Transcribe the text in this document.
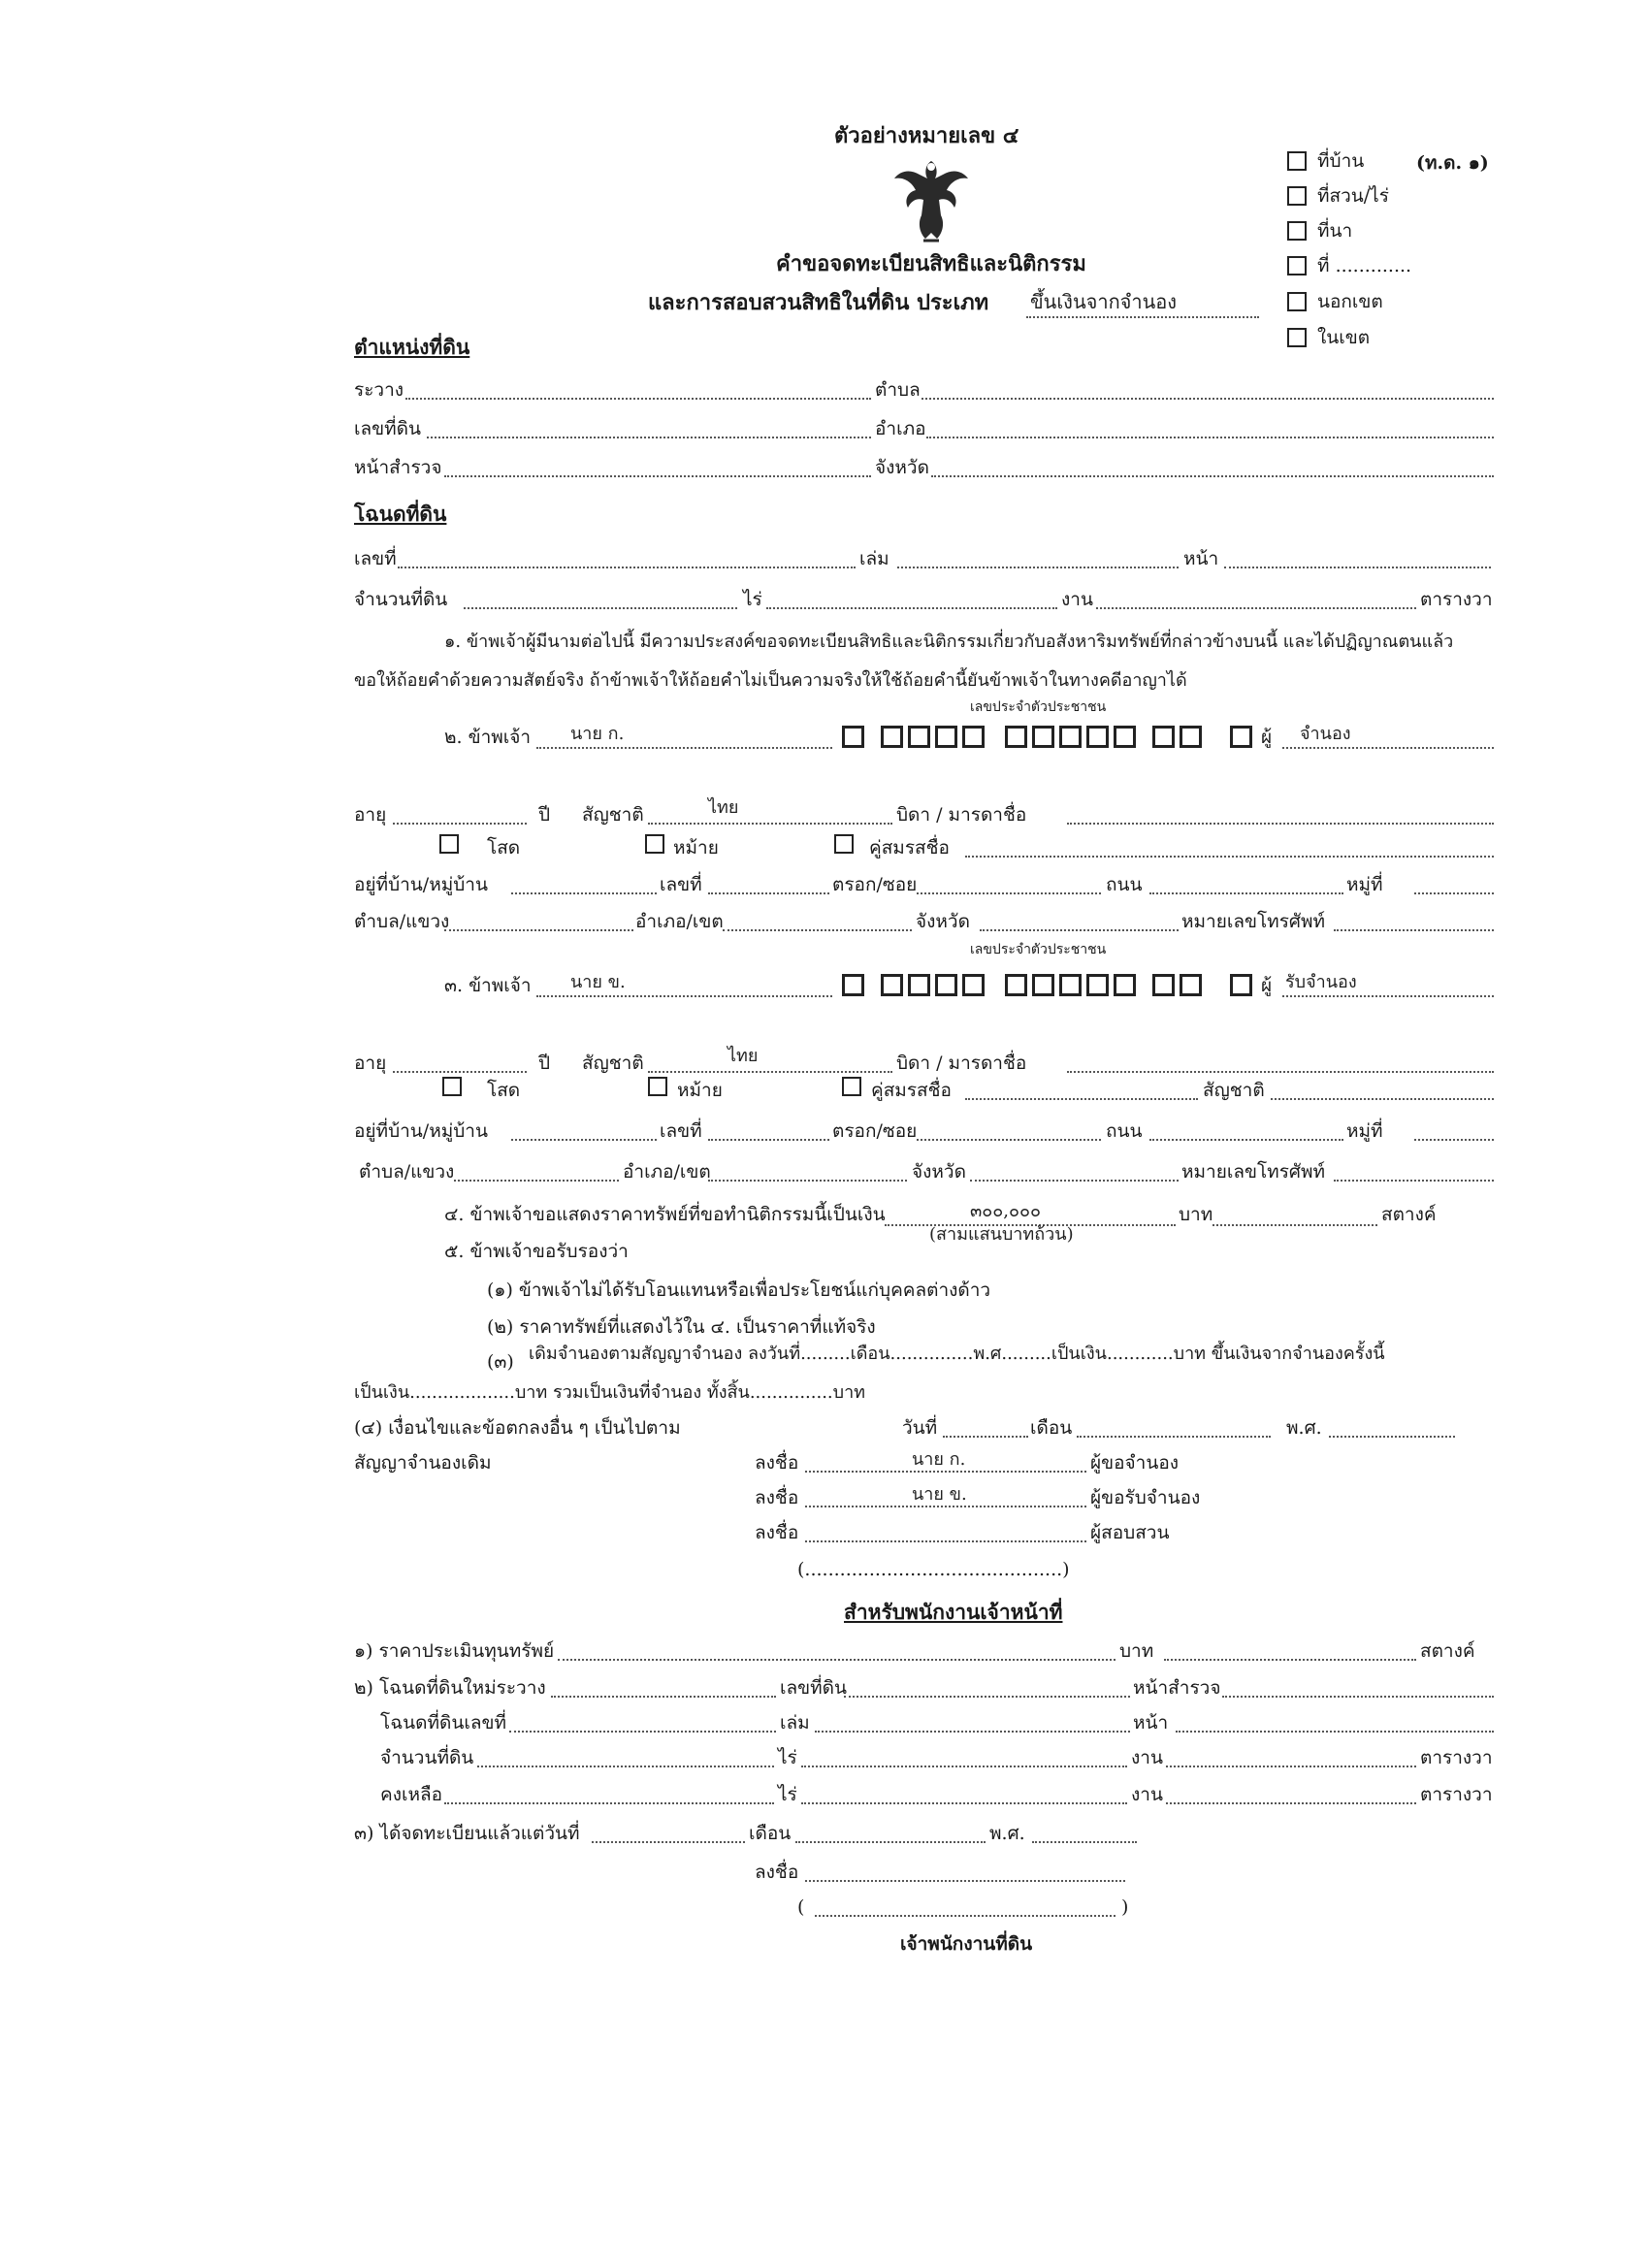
ตัวอย่างหมายเลข ๔
คำขอจดทะเบียนสิทธิและนิติกรรม
และการสอบสวนสิทธิในที่ดิน ประเภท ขึ้นเงินจากจำนอง
(ท.ด. ๑)
ที่บ้าน
ที่สวน/ไร่
ที่นา
ที่ .............
นอกเขต
ในเขต
ตำแหน่งที่ดิน
ระวาง	ตำบล
เลขที่ดิน	อำเภอ
หน้าสำรวจ	จังหวัด
โฉนดที่ดิน
เลขที่	เล่ม	หน้า
จำนวนที่ดิน	ไร่	งาน	ตารางวา
๑. ข้าพเจ้าผู้มีนามต่อไปนี้ มีความประสงค์ขอจดทะเบียนสิทธิและนิติกรรมเกี่ยวกับอสังหาริมทรัพย์ที่กล่าวข้างบนนี้ และได้ปฏิญาณตนแล้ว
ขอให้ถ้อยคำด้วยความสัตย์จริง ถ้าข้าพเจ้าให้ถ้อยคำไม่เป็นความจริงให้ใช้ถ้อยคำนี้ยันข้าพเจ้าในทางคดีอาญาได้
เลขประจำตัวประชาชน
๒. ข้าพเจ้า นาย ก.	ผู้ จำนอง
อายุ	ปี สัญชาติ	ไทย	บิดา / มารดาชื่อ
โสด	หม้าย	คู่สมรสชื่อ
อยู่ที่บ้าน/หมู่บ้าน	เลขที่	ตรอก/ซอย	ถนน	หมู่ที่
ตำบล/แขวง	อำเภอ/เขต	จังหวัด	หมายเลขโทรศัพท์
เลขประจำตัวประชาชน
๓. ข้าพเจ้า นาย ข.	ผู้ รับจำนอง
อายุ	ปี สัญชาติ	ไทย	บิดา / มารดาชื่อ
โสด	หม้าย	คู่สมรสชื่อ	สัญชาติ
อยู่ที่บ้าน/หมู่บ้าน	เลขที่	ตรอก/ซอย	ถนน	หมู่ที่
ตำบล/แขวง	อำเภอ/เขต	จังหวัด	หมายเลขโทรศัพท์
๔. ข้าพเจ้าขอแสดงราคาทรัพย์ที่ขอทำนิติกรรมนี้เป็นเงิน	๓๐๐,๐๐๐	บาท	สตางค์
(สามแสนบาทถ้วน)
๕. ข้าพเจ้าขอรับรองว่า
(๑) ข้าพเจ้าไม่ได้รับโอนแทนหรือเพื่อประโยชน์แก่บุคคลต่างด้าว
(๒) ราคาทรัพย์ที่แสดงไว้ใน ๔. เป็นราคาที่แท้จริง
(๓) เดิมจำนองตามสัญญาจำนอง ลงวันที่.........เดือน...............พ.ศ.........เป็นเงิน............บาท ขึ้นเงินจากจำนองครั้งนี้
เป็นเงิน...................บาท รวมเป็นเงินที่จำนอง ทั้งสิ้น...............บาท
(๔) เงื่อนไขและข้อตกลงอื่น ๆ เป็นไปตาม
สัญญาจำนองเดิม
วันที่	เดือน	พ.ศ.
ลงชื่อ	นาย ก.	ผู้ขอจำนอง
ลงชื่อ	นาย ข.	ผู้ขอรับจำนอง
ลงชื่อ	ผู้สอบสวน
(............................................)
สำหรับพนักงานเจ้าหน้าที่
๑) ราคาประเมินทุนทรัพย์	บาท	สตางค์
๒) โฉนดที่ดินใหม่ระวาง	เลขที่ดิน	หน้าสำรวจ
โฉนดที่ดินเลขที่	เล่ม	หน้า
จำนวนที่ดิน	ไร่	งาน	ตารางวา
คงเหลือ	ไร่	งาน	ตารางวา
๓) ได้จดทะเบียนแล้วแต่วันที่	เดือน	พ.ศ.
ลงชื่อ
(	)
เจ้าพนักงานที่ดิน
